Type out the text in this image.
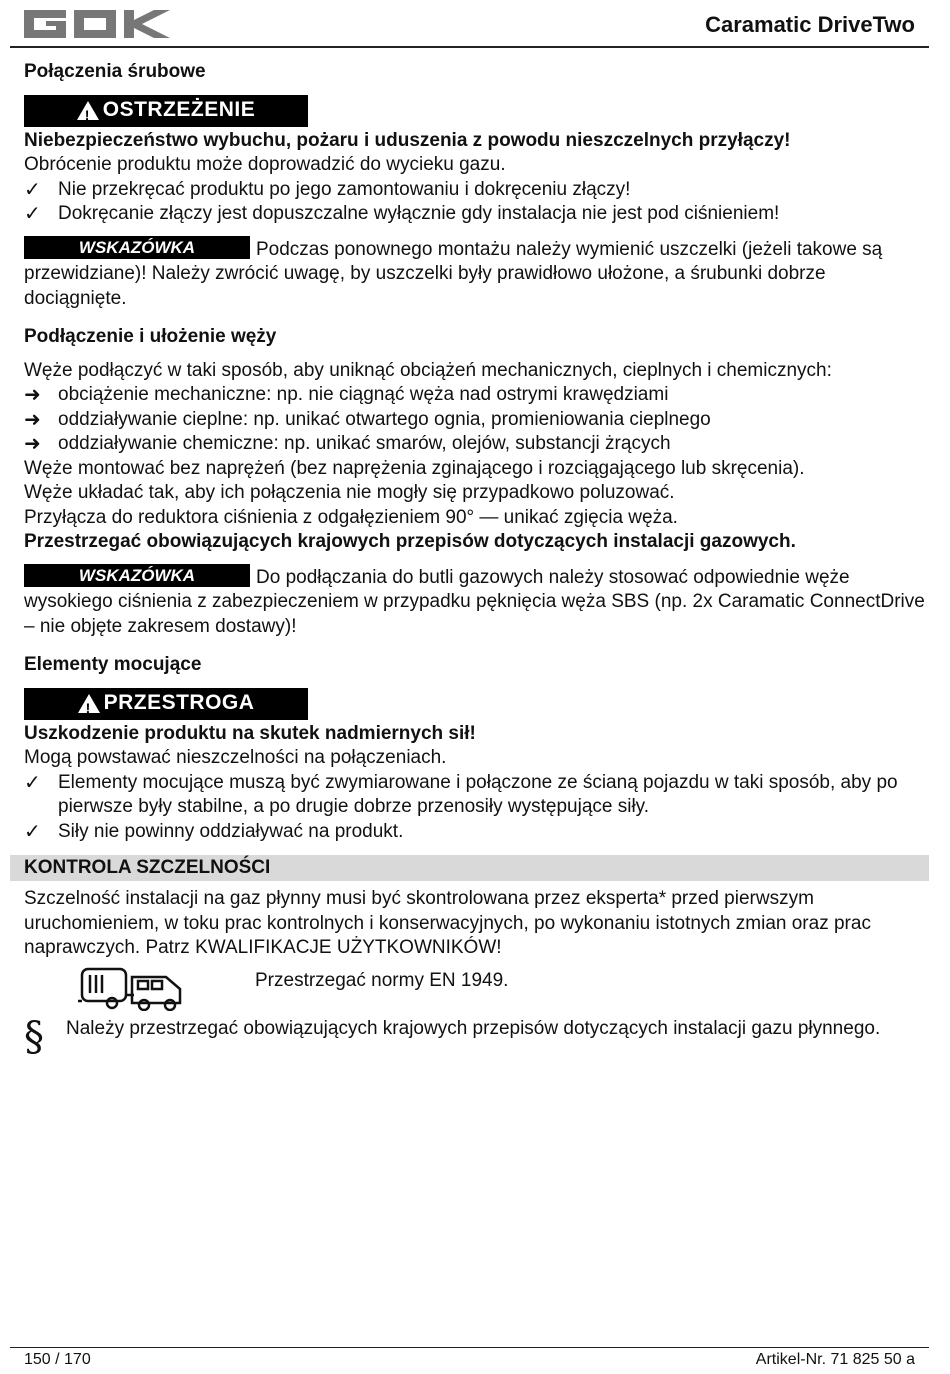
Caramatic DriveTwo

Połączenia śrubowe

!
OSTRZEŻENIE

Niebezpieczeństwo wybuchu, pożaru i uduszenia z powodu nieszczelnych przyłączy!

Obrócenie produktu może doprowadzić do wycieku gazu.

✓ Nie przekręcać produktu po jego zamontowaniu i dokręceniu złączy!

✓ Dokręcanie złączy jest dopuszczalne wyłącznie gdy instalacja nie jest pod ciśnieniem!

WSKAZÓWKA	Podczas ponownego montażu należy wymienić uszczelki (jeżeli takowe są przewidziane)! Należy zwrócić uwagę, by uszczelki były prawidłowo ułożone, a śrubunki dobrze dociągnięte.

Podłączenie i ułożenie węży

Węże podłączyć w taki sposób, aby uniknąć obciążeń mechanicznych, cieplnych i chemicznych:

➜ obciążenie mechaniczne: np. nie ciągnąć węża nad ostrymi krawędziami

➜ oddziaływanie cieplne: np. unikać otwartego ognia, promieniowania cieplnego

➜ oddziaływanie chemiczne: np. unikać smarów, olejów, substancji żrących

Węże montować bez naprężeń (bez naprężenia zginającego i rozciągającego lub skręcenia).

Węże układać tak, aby ich połączenia nie mogły się przypadkowo poluzować.

Przyłącza do reduktora ciśnienia z odgałęzieniem 90° — unikać zgięcia węża.

Przestrzegać obowiązujących krajowych przepisów dotyczących instalacji gazowych.

WSKAZÓWKA	Do podłączania do butli gazowych należy stosować odpowiednie węże wysokiego ciśnienia z zabezpieczeniem w przypadku pęknięcia węża SBS (np. 2x Caramatic ConnectDrive – nie objęte zakresem dostawy)!

Elementy mocujące

!
PRZESTROGA

Uszkodzenie produktu na skutek nadmiernych sił!

Mogą powstawać nieszczelności na połączeniach.

✓ Elementy mocujące muszą być zwymiarowane i połączone ze ścianą pojazdu w taki sposób, aby po pierwsze były stabilne, a po drugie dobrze przenosiły występujące siły.

✓ Siły nie powinny oddziaływać na produkt.

KONTROLA SZCZELNOŚCI

Szczelność instalacji na gaz płynny musi być skontrolowana przez eksperta* przed pierwszym uruchomieniem, w toku prac kontrolnych i konserwacyjnych, po wykonaniu istotnych zmian oraz prac naprawczych. Patrz KWALIFIKACJE UŻYTKOWNIKÓW!

Przestrzegać normy EN 1949.
§ Należy przestrzegać obowiązujących krajowych przepisów dotyczących instalacji gazu płynnego.

150 / 170	Artikel-Nr. 71 825 50 a
